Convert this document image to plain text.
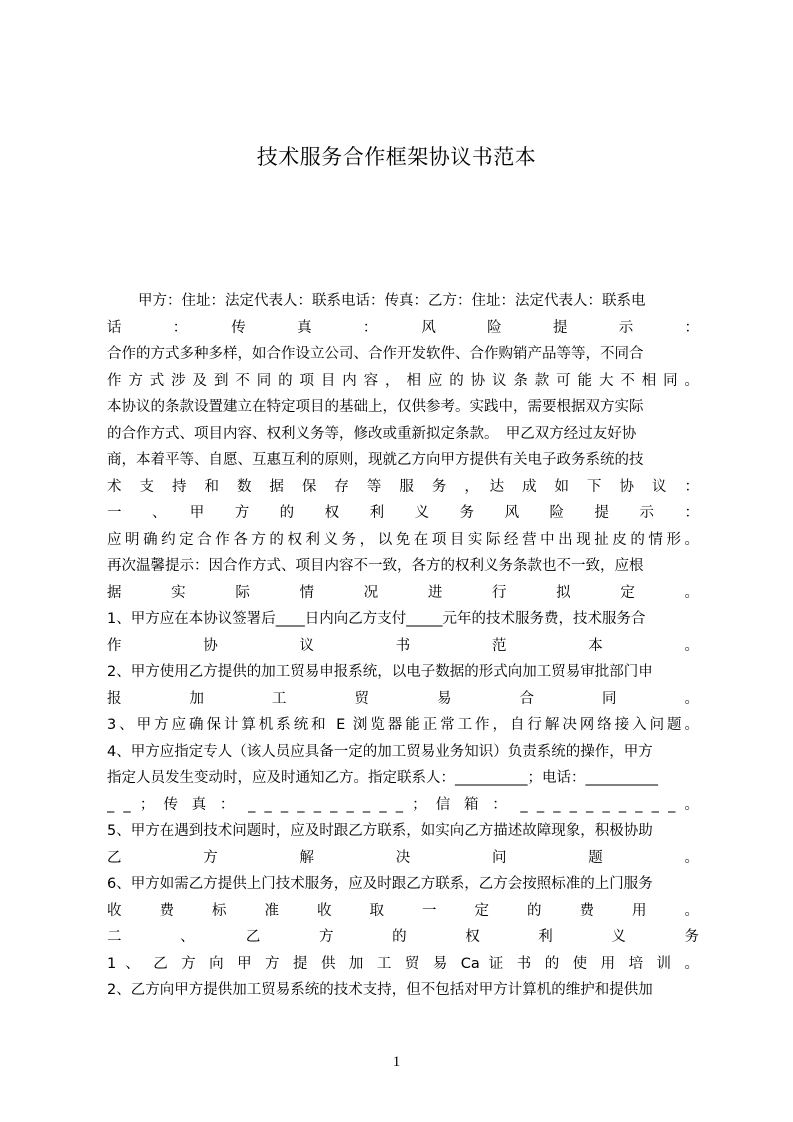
技术服务合作框架协议书范本
甲方：住址：法定代表人：联系电话：传真：乙方：住址：法定代表人：联系电
话　：　传　真　：　风　险　提　示　：
合作的方式多种多样，如合作设立公司、合作开发软件、合作购销产品等等，不同合
作方式涉及到不同的项目内容，相应的协议条款可能大不相同。
本协议的条款设置建立在特定项目的基础上，仅供参考。实践中，需要根据双方实际
的合作方式、项目内容、权利义务等，修改或重新拟定条款。　甲乙双方经过友好协
商，本着平等、自愿、互惠互利的原则，现就乙方向甲方提供有关电子政务系统的技
术　支　持　和　数　据　保　存　等　服　务　，　达　成　如　下　协　议　：
一　、　甲　方　的　权　利　义　务　风　险　提　示　：
应明确约定合作各方的权利义务，以免在项目实际经营中出现扯皮的情形。
再次温馨提示：因合作方式、项目内容不一致，各方的权利义务条款也不一致，应根
据　实　际　情　况　进　行　拟　定　。
1、甲方应在本协议签署后____日内向乙方支付_____元年的技术服务费，技术服务合
作　协　议　书　范　本　。
2、甲方使用乙方提供的加工贸易申报系统，以电子数据的形式向加工贸易审批部门申
报　加　工　贸　易　合　同　。
3、甲方应确保计算机系统和 E 浏览器能正常工作，自行解决网络接入问题。
4、甲方应指定专人（该人员应具备一定的加工贸易业务知识）负责系统的操作，甲方
指定人员发生变动时，应及时通知乙方。指定联系人：__________；电话：__________
_ _ ； 传 真 ： _ _ _ _ _ _ _ _ _ _ ； 信 箱 ： _ _ _ _ _ _ _ _ _ _ 。
5、甲方在遇到技术问题时，应及时跟乙方联系，如实向乙方描述故障现象，积极协助
乙　方　解　决　问　题　。
6、甲方如需乙方提供上门技术服务，应及时跟乙方联系，乙方会按照标准的上门服务
收　费　标　准　收　取　一　定　的　费　用　。
二　、　乙　方　的　权　利　义　务
1 、 乙 方 向 甲 方 提 供 加 工 贸 易 Ca 证 书 的 使 用 培 训 。
2、乙方向甲方提供加工贸易系统的技术支持，但不包括对甲方计算机的维护和提供加
1
